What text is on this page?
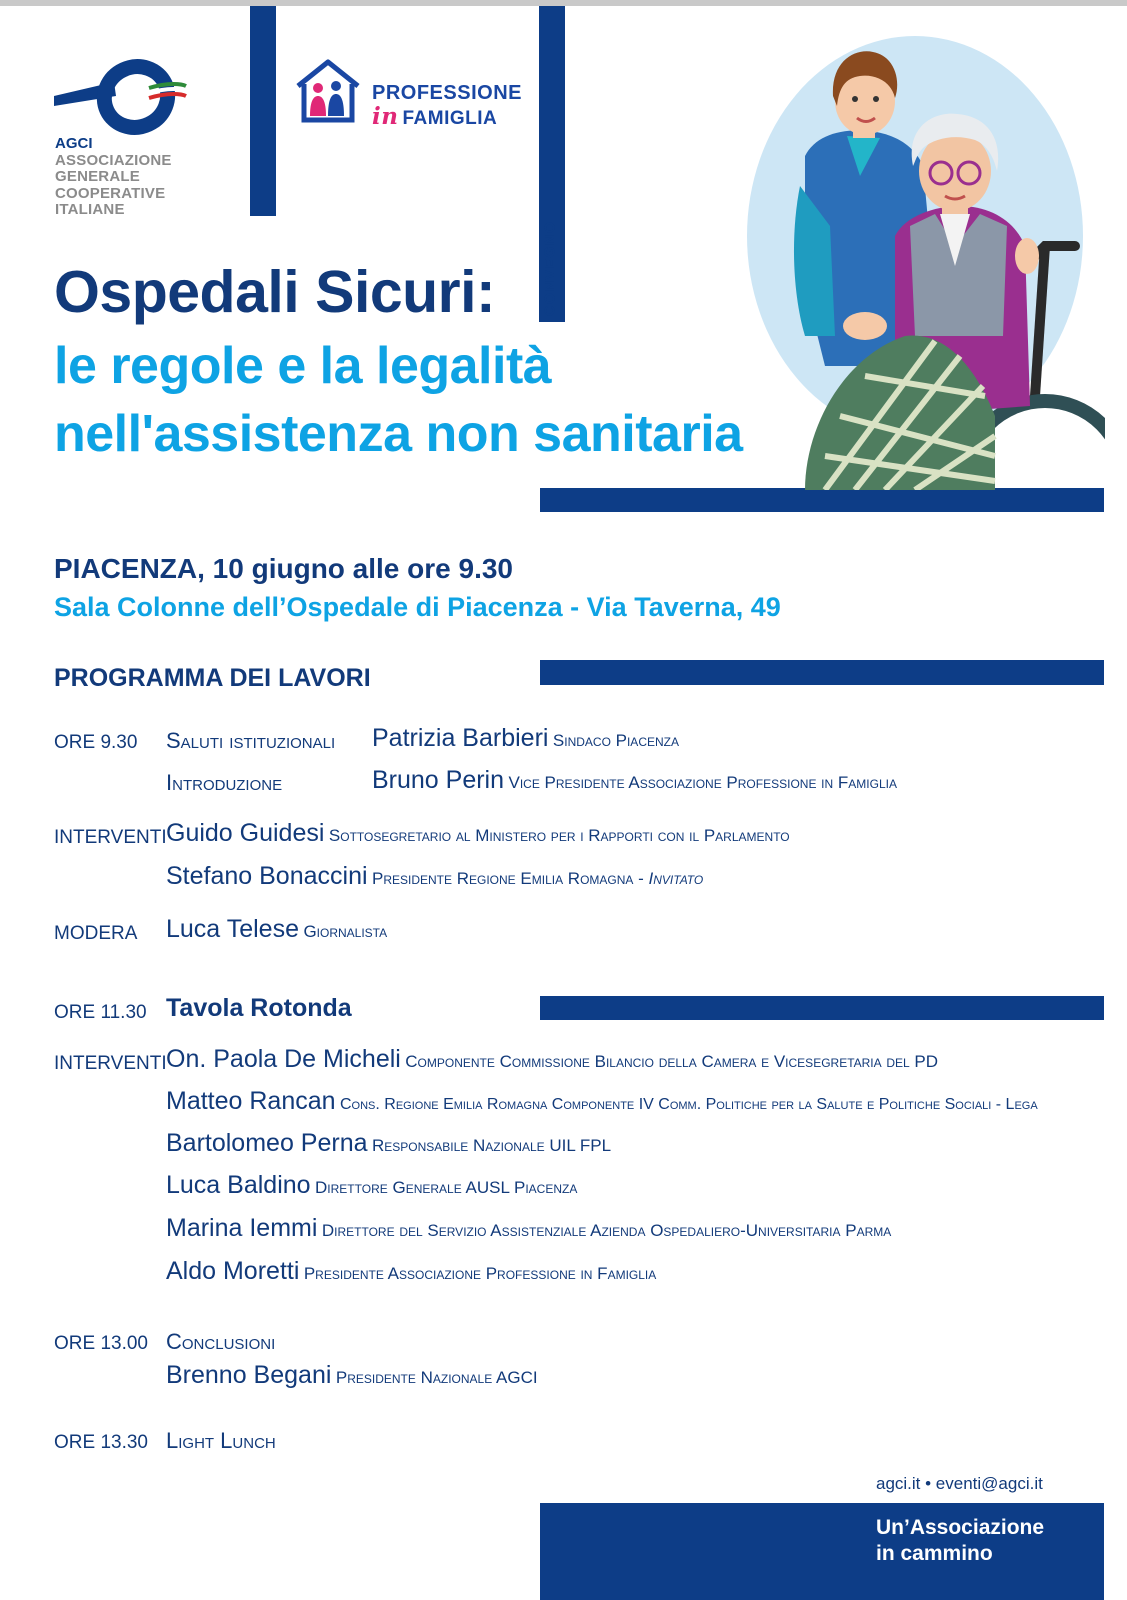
AGCI
ASSOCIAZIONE
GENERALE
COOPERATIVE
ITALIANE
PROFESSIONE
in FAMIGLIA
CONVEGNO
Ospedali Sicuri:
le regole e la legalità
nell'assistenza non sanitaria
PIACENZA, 10 giugno alle ore 9.30
Sala Colonne dell’Ospedale di Piacenza - Via Taverna, 49
PROGRAMMA DEI LAVORI
ORE 9.30 Saluti istituzionali Patrizia Barbieri Sindaco Piacenza
Introduzione	Bruno Perin Vice Presidente Associazione Professione in Famiglia
INTERVENTI Guido Guidesi Sottosegretario al Ministero per i Rapporti con il Parlamento
Stefano Bonaccini Presidente Regione Emilia Romagna - Invitato
MODERA Luca Telese Giornalista
ORE 11.30 Tavola Rotonda
INTERVENTI On. Paola De Micheli Componente Commissione Bilancio della Camera e Vicesegretaria del PD
Matteo Rancan Cons. Regione Emilia Romagna Componente IV Comm. Politiche per la Salute e Politiche Sociali - Lega
Bartolomeo Perna Responsabile Nazionale UIL FPL
Luca Baldino Direttore Generale AUSL Piacenza
Marina Iemmi Direttore del Servizio Assistenziale Azienda Ospedaliero-Universitaria Parma
Aldo Moretti Presidente Associazione Professione in Famiglia
ORE 13.00 Conclusioni
Brenno Begani Presidente Nazionale AGCI
ORE 13.30 Light Lunch
agci.it • eventi@agci.it
Un’Associazione
in cammino
